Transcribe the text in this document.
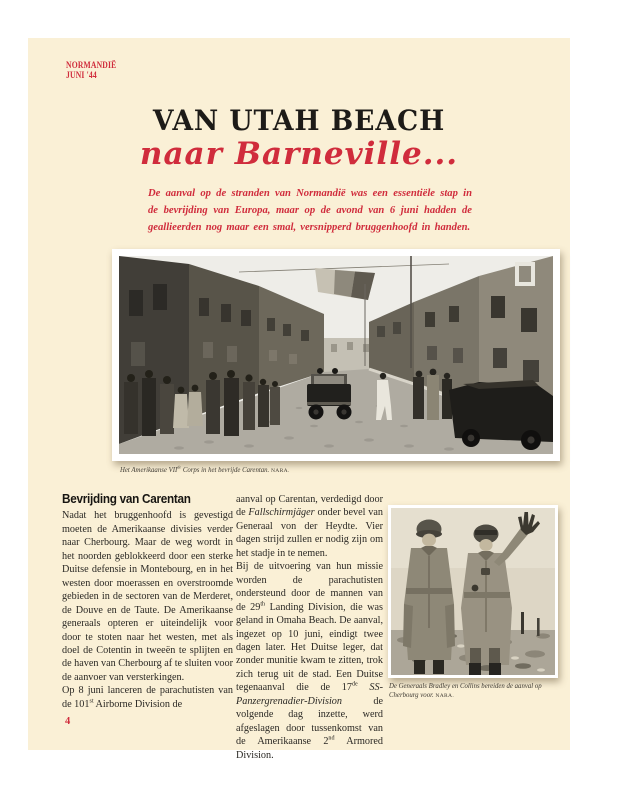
NORMANDIË
JUNI '44
VAN UTAH BEACH
naar Barneville...
De aanval op de stranden van Normandië was een essentiële stap in de bevrijding van Europa, maar op de avond van 6 juni hadden de geallieerden nog maar een smal, versnipperd bruggenhoofd in handen.
Het Amerikaanse VIIde Corps in het bevrijde Carentan. NARA.
Bevrijding van Carentan

Nadat het bruggenhoofd is gevestigd moeten de Amerikaanse divisies verder naar Cherbourg. Maar de weg wordt in het noorden geblokkeerd door een sterke Duitse defensie in Montebourg, en in het westen door moerassen en overstroomde gebieden in de sectoren van de Merderet, de Douve en de Taute. De Amerikaanse generaals opteren er uiteindelijk voor door te stoten naar het westen, met als doel de Cotentin in tweeën te splijten en de haven van Cherbourg af te sluiten voor de aanvoer van versterkingen.

Op 8 juni lanceren de parachutisten van de 101st Airborne Division de

aanval op Carentan, verdedigd door de Fallschirmjäger onder bevel van Generaal von der Heydte. Vier dagen strijd zullen er nodig zijn om het stadje in te nemen.

Bij de uitvoering van hun missie worden de parachutisten ondersteund door de mannen van de 29th Landing Division, die was geland in Omaha Beach. De aanval, ingezet op 10 juni, eindigt twee dagen later. Het Duitse leger, dat zonder munitie kwam te zitten, trok zich terug uit de stad. Een Duitse tegenaanval die de 17de SS-Panzergrenadier-Division de volgende dag inzette, werd afgeslagen door tussenkomst van de Amerikaanse 2nd Armored Division.

De Generaals Bradley en Collins bereiden de aanval op Cherbourg voor. NARA.
4
